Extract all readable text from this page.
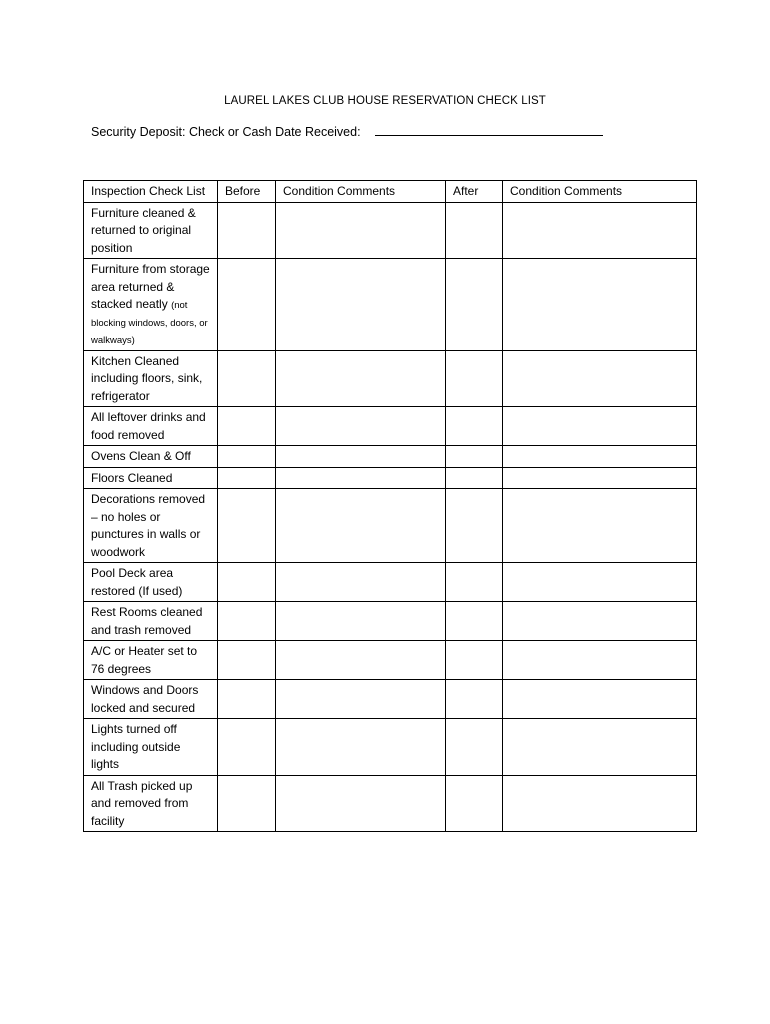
LAUREL LAKES CLUB HOUSE RESERVATION CHECK LIST
Security Deposit: Check or Cash Date Received:
Inspection Check List	Before	Condition Comments	After	Condition Comments
Furniture cleaned & returned to original position				
Furniture from storage area returned & stacked neatly (not blocking windows, doors, or walkways)				
Kitchen Cleaned including floors, sink, refrigerator				
All leftover drinks and food removed				
Ovens Clean & Off				
Floors Cleaned				
Decorations removed – no holes or punctures in walls or woodwork				
Pool Deck area restored (If used)				
Rest Rooms cleaned and trash removed				
A/C or Heater set to 76 degrees				
Windows and Doors locked and secured				
Lights turned off including outside lights				
All Trash picked up and removed from facility				
